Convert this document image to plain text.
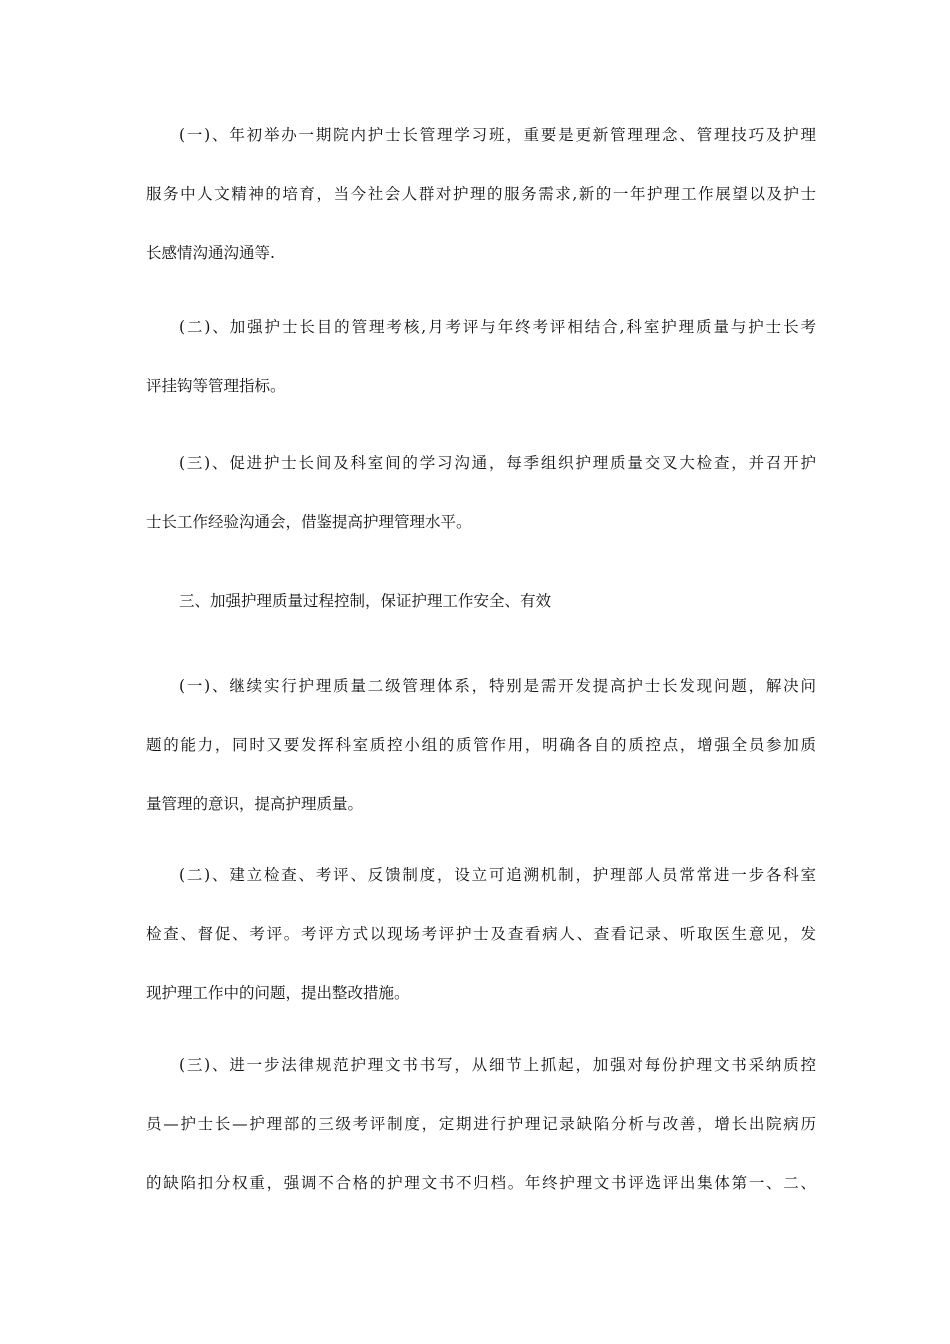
(一)、年初举办一期院内护士长管理学习班，重要是更新管理理念、管理技巧及护理
服务中人文精神的培育，当今社会人群对护理的服务需求,新的一年护理工作展望以及护士
长感情沟通沟通等.
(二)、加强护士长目的管理考核,月考评与年终考评相结合,科室护理质量与护士长考
评挂钩等管理指标。
(三)、促进护士长间及科室间的学习沟通，每季组织护理质量交叉大检查，并召开护
士长工作经验沟通会，借鉴提高护理管理水平。
三、加强护理质量过程控制，保证护理工作安全、有效
(一)、继续实行护理质量二级管理体系，特别是需开发提高护士长发现问题，解决问
题的能力，同时又要发挥科室质控小组的质管作用，明确各自的质控点，增强全员参加质
量管理的意识，提高护理质量。
(二)、建立检查、考评、反馈制度，设立可追溯机制，护理部人员常常进一步各科室
检查、督促、考评。考评方式以现场考评护士及查看病人、查看记录、听取医生意见，发
现护理工作中的问题，提出整改措施。
(三)、进一步法律规范护理文书书写，从细节上抓起，加强对每份护理文书采纳质控
员—护士长—护理部的三级考评制度，定期进行护理记录缺陷分析与改善，增长出院病历
的缺陷扣分权重，强调不合格的护理文书不归档。年终护理文书评选评出集体第一、二、
